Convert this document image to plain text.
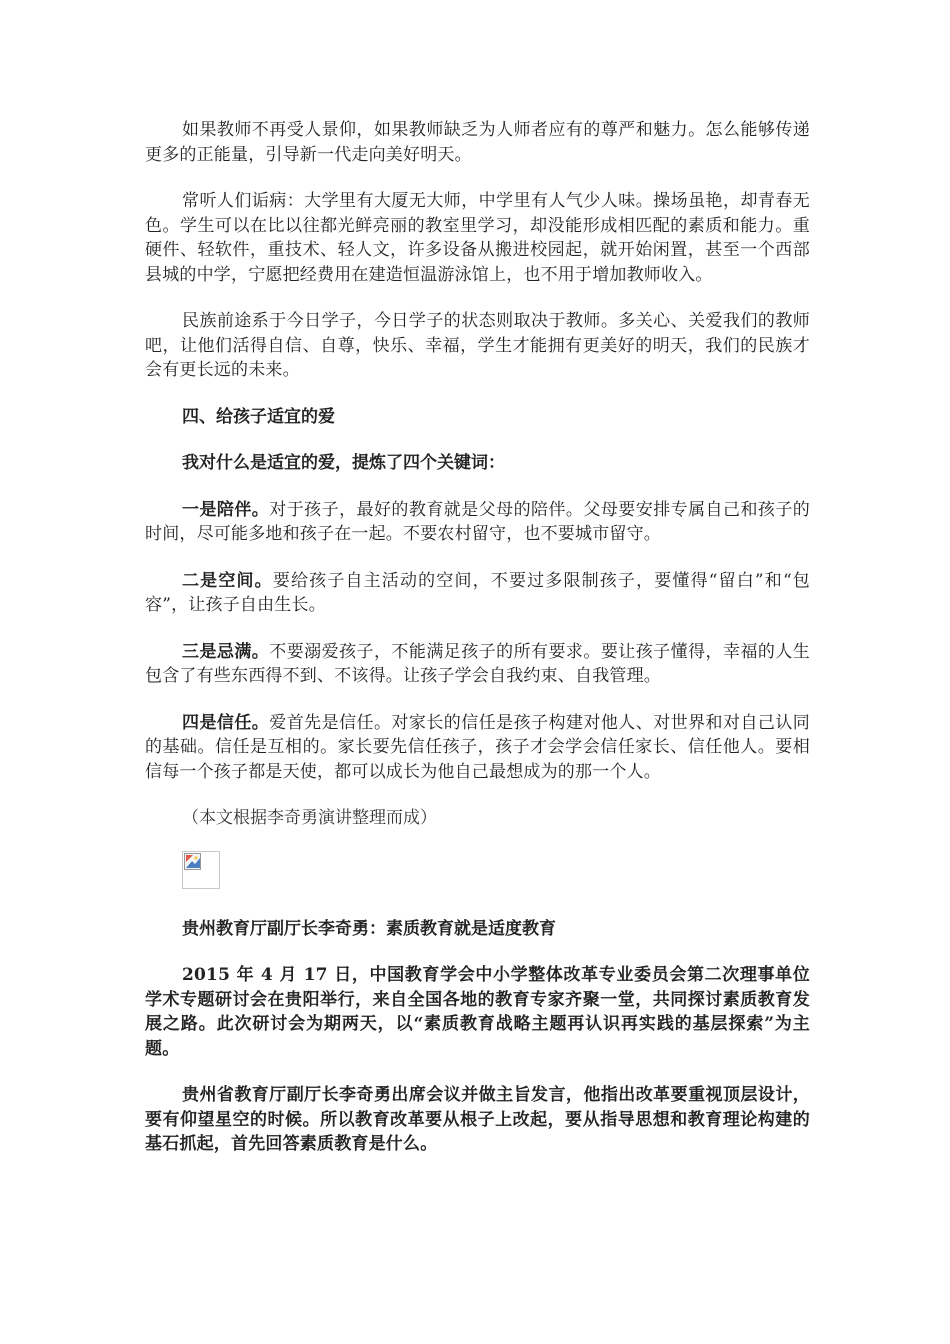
如果教师不再受人景仰，如果教师缺乏为人师者应有的尊严和魅力。怎么能够传递更多的正能量，引导新一代走向美好明天。

常听人们诟病：大学里有大厦无大师，中学里有人气少人味。操场虽艳，却青春无色。学生可以在比以往都光鲜亮丽的教室里学习，却没能形成相匹配的素质和能力。重硬件、轻软件，重技术、轻人文，许多设备从搬进校园起，就开始闲置，甚至一个西部县城的中学，宁愿把经费用在建造恒温游泳馆上，也不用于增加教师收入。

民族前途系于今日学子，今日学子的状态则取决于教师。多关心、关爱我们的教师吧，让他们活得自信、自尊，快乐、幸福，学生才能拥有更美好的明天，我们的民族才会有更长远的未来。

四、给孩子适宜的爱

我对什么是适宜的爱，提炼了四个关键词：

一是陪伴。对于孩子，最好的教育就是父母的陪伴。父母要安排专属自己和孩子的时间，尽可能多地和孩子在一起。不要农村留守，也不要城市留守。

二是空间。要给孩子自主活动的空间，不要过多限制孩子，要懂得“留白”和“包容”，让孩子自由生长。

三是忌满。不要溺爱孩子，不能满足孩子的所有要求。要让孩子懂得，幸福的人生包含了有些东西得不到、不该得。让孩子学会自我约束、自我管理。

四是信任。爱首先是信任。对家长的信任是孩子构建对他人、对世界和对自己认同的基础。信任是互相的。家长要先信任孩子，孩子才会学会信任家长、信任他人。要相信每一个孩子都是天使，都可以成长为他自己最想成为的那一个人。

（本文根据李奇勇演讲整理而成）

贵州教育厅副厅长李奇勇：素质教育就是适度教育

2015 年 4 月 17 日，中国教育学会中小学整体改革专业委员会第二次理事单位学术专题研讨会在贵阳举行，来自全国各地的教育专家齐聚一堂，共同探讨素质教育发展之路。此次研讨会为期两天，以“素质教育战略主题再认识再实践的基层探索”为主题。

贵州省教育厅副厅长李奇勇出席会议并做主旨发言，他指出改革要重视顶层设计，要有仰望星空的时候。所以教育改革要从根子上改起，要从指导思想和教育理论构建的基石抓起，首先回答素质教育是什么。
